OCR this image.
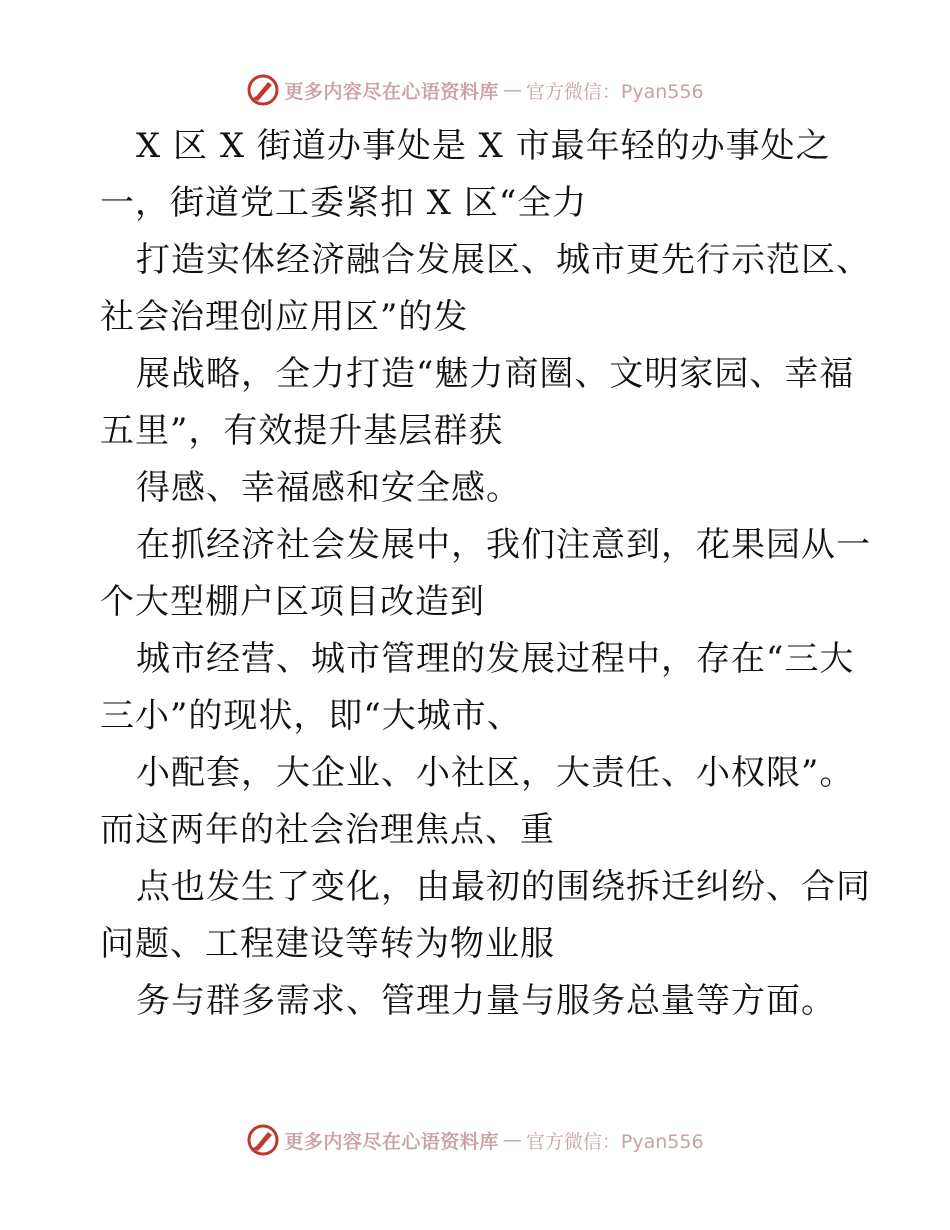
更多内容尽在心语资料库 — 官方微信：Pyan556
X 区 X 街道办事处是 X 市最年轻的办事处之
一，街道党工委紧扣 X 区“全力
打造实体经济融合发展区、城市更先行示范区、
社会治理创应用区”的发
展战略，全力打造“魅力商圈、文明家园、幸福
五里”，有效提升基层群获
得感、幸福感和安全感。
在抓经济社会发展中，我们注意到，花果园从一
个大型棚户区项目改造到
城市经营、城市管理的发展过程中，存在“三大
三小”的现状，即“大城市、
小配套，大企业、小社区，大责任、小权限”。
而这两年的社会治理焦点、重
点也发生了变化，由最初的围绕拆迁纠纷、合同
问题、工程建设等转为物业服
务与群多需求、管理力量与服务总量等方面。
更多内容尽在心语资料库 — 官方微信：Pyan556
